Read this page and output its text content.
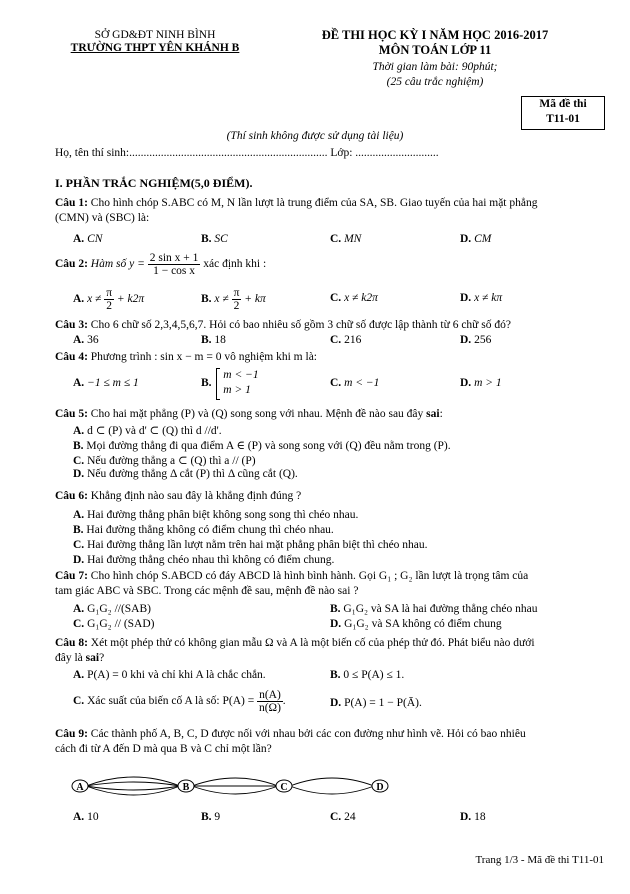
SỞ GD&ĐT NINH BÌNH
TRƯỜNG THPT YÊN KHÁNH B
ĐỀ THI HỌC KỲ I NĂM HỌC 2016-2017
MÔN TOÁN LỚP 11
Thời gian làm bài: 90phút;
(25 câu trắc nghiệm)
Mã đề thi
T11-01
(Thí sinh không được sử dụng tài liệu)
Họ, tên thí sinh:..................................................................... Lớp: .............................
I. PHẦN TRẮC NGHIỆM(5,0 ĐIỂM).
Câu 1: Cho hình chóp S.ABC có M, N lần lượt là trung điểm của SA, SB. Giao tuyến của hai mặt phẳng
(CMN) và (SBC) là:
A. CN	B. SC	C. MN	D. CM
Câu 2: Hàm số $y = \frac{\text{2 sin x + 1}}{\text{1 − cos x}}$ xác định khi :
A. $x \ne \frac{\pi}{2} + k2\pi$	B. $x \ne \frac{\pi}{2} + k\pi$	C. x ≠ k2π	D. x ≠ kπ
Câu 3: Cho 6 chữ số 2,3,4,5,6,7. Hỏi có bao nhiêu số gồm 3 chữ số được lập thành từ 6 chữ số đó?
A. 36	B. 18	C. 216	D. 256
Câu 4: Phương trình : sin x − m = 0 vô nghiệm khi m là:
A. −1 ≤ m ≤ 1	B.
m < −1
m > 1
C. m < −1	D. m > 1
Câu 5: Cho hai mặt phẳng (P) và (Q) song song với nhau. Mệnh đề nào sau đây sai:
A. d ⊂ (P) và d' ⊂ (Q) thì d //d'.
B. Mọi đường thẳng đi qua điểm A ∈ (P) và song song với (Q) đều nằm trong (P).
C. Nếu đường thẳng a ⊂ (Q) thì a // (P)
D. Nếu đường thẳng Δ cắt (P) thì Δ cũng cắt (Q).
Câu 6: Khẳng định nào sau đây là khẳng định đúng ?
A. Hai đường thẳng phân biệt không song song thì chéo nhau.
B. Hai đường thẳng không có điểm chung thì chéo nhau.
C. Hai đường thẳng lần lượt nằm trên hai mặt phẳng phân biệt thì chéo nhau.
D. Hai đường thẳng chéo nhau thì không có điểm chung.
Câu 7: Cho hình chóp S.ABCD có đáy ABCD là hình bình hành. Gọi G₁ ; G₂ lần lượt là trọng tâm của
tam giác ABC và SBC. Trong các mệnh đề sau, mệnh đề nào sai ?
A. G₁G₂ //(SAB)	B. G₁G₂ và SA là hai đường thẳng chéo nhau
C. G₁G₂ // (SAD)	D. G₁G₂ và SA không có điểm chung
Câu 8: Xét một phép thử có không gian mẫu Ω và A là một biến cố của phép thử đó. Phát biểu nào dưới
đây là sai?
A. P(A) = 0 khi và chỉ khi A là chắc chắn.	B. 0 ≤ P(A) ≤ 1.
C. Xác suất của biến cố A là số: $P(A) = \frac{n(A)}{n(\Omega)}$ .	D. P(A) = 1 − P(Ā).
Câu 9: Các thành phố A, B, C, D được nối với nhau bởi các con đường như hình vẽ. Hỏi có bao nhiêu
cách đi từ A đến D mà qua B và C chỉ một lần?
A	B	C	D
A. 10	B. 9	C. 24	D. 18
Trang 1/3 - Mã đề thi T11-01
